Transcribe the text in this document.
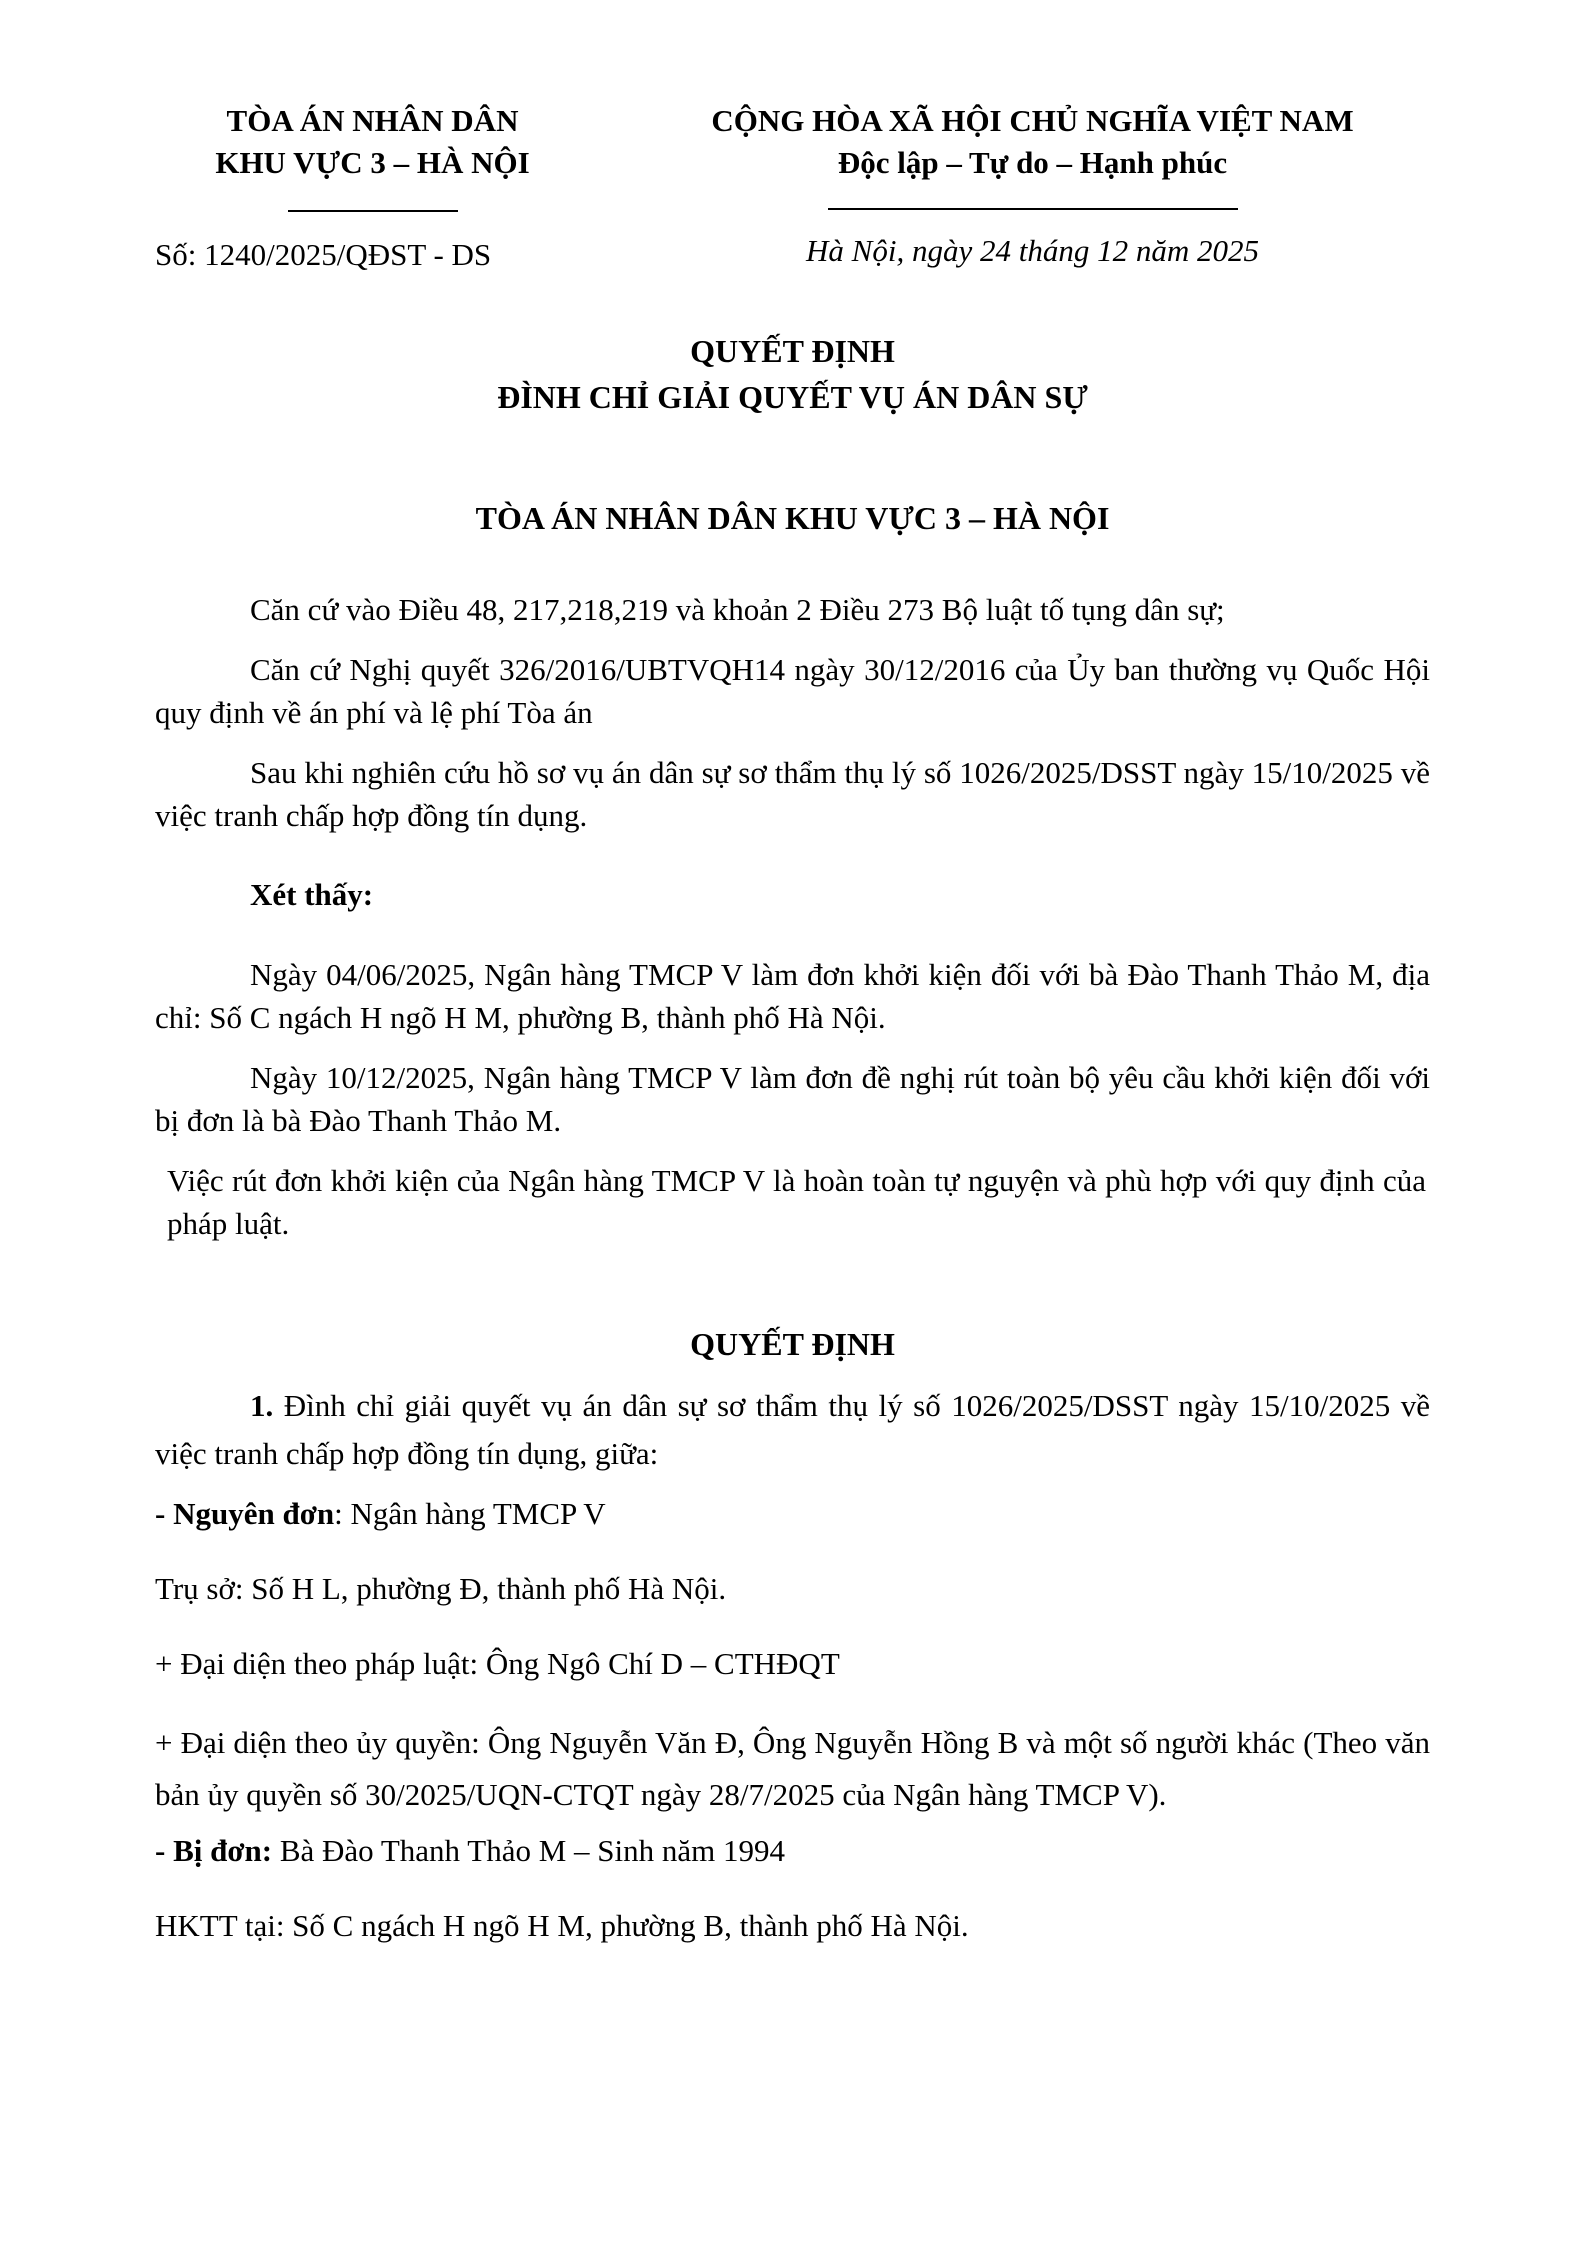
TÒA ÁN NHÂN DÂN
KHU VỰC 3 – HÀ NỘI
Số: 1240/2025/QĐST - DS
CỘNG HÒA XÃ HỘI CHỦ NGHĨA VIỆT NAM
Độc lập – Tự do – Hạnh phúc
Hà Nội, ngày 24 tháng 12 năm 2025
QUYẾT ĐỊNH
ĐÌNH CHỈ GIẢI QUYẾT VỤ ÁN DÂN SỰ
TÒA ÁN NHÂN DÂN KHU VỰC 3 – HÀ NỘI

Căn cứ vào Điều 48, 217,218,219 và khoản 2 Điều 273 Bộ luật tố tụng dân sự;

Căn cứ Nghị quyết 326/2016/UBTVQH14 ngày 30/12/2016 của Ủy ban thường vụ Quốc Hội quy định về án phí và lệ phí Tòa án

Sau khi nghiên cứu hồ sơ vụ án dân sự sơ thẩm thụ lý số 1026/2025/DSST ngày 15/10/2025 về việc tranh chấp hợp đồng tín dụng.

Xét thấy:

Ngày 04/06/2025, Ngân hàng TMCP V làm đơn khởi kiện đối với bà Đào Thanh Thảo M, địa chỉ: Số C ngách H ngõ H M, phường B, thành phố Hà Nội.

Ngày 10/12/2025, Ngân hàng TMCP V làm đơn đề nghị rút toàn bộ yêu cầu khởi kiện đối với bị đơn là bà Đào Thanh Thảo M.

Việc rút đơn khởi kiện của Ngân hàng TMCP V là hoàn toàn tự nguyện và phù hợp với quy định của pháp luật.

QUYẾT ĐỊNH

1. Đình chỉ giải quyết vụ án dân sự sơ thẩm thụ lý số 1026/2025/DSST ngày 15/10/2025 về việc tranh chấp hợp đồng tín dụng, giữa:

- Nguyên đơn: Ngân hàng TMCP V

Trụ sở: Số H L, phường Đ, thành phố Hà Nội.

+ Đại diện theo pháp luật: Ông Ngô Chí D – CTHĐQT

+ Đại diện theo ủy quyền: Ông Nguyễn Văn Đ, Ông Nguyễn Hồng B và một số người khác (Theo văn bản ủy quyền số 30/2025/UQN-CTQT ngày 28/7/2025 của Ngân hàng TMCP V).

- Bị đơn: Bà Đào Thanh Thảo M – Sinh năm 1994

HKTT tại: Số C ngách H ngõ H M, phường B, thành phố Hà Nội.
